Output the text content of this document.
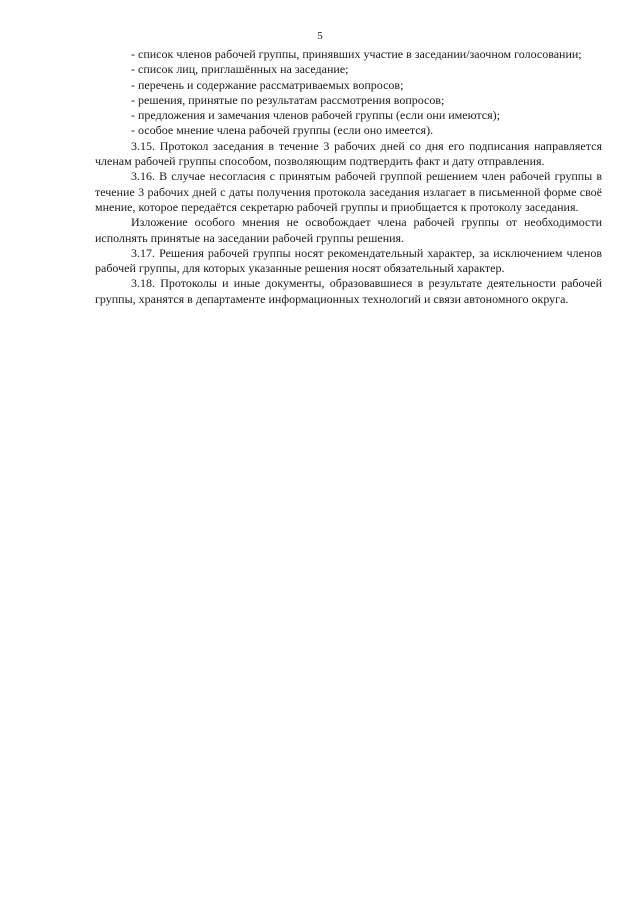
5

- список членов рабочей группы, принявших участие в заседании/заочном голосовании;

- список лиц, приглашённых на заседание;

- перечень и содержание рассматриваемых вопросов;

- решения, принятые по результатам рассмотрения вопросов;

- предложения и замечания членов рабочей группы (если они имеются);

- особое мнение члена рабочей группы (если оно имеется).

3.15. Протокол заседания в течение 3 рабочих дней со дня его подписания направляется членам рабочей группы способом, позволяющим подтвердить факт и дату отправления.

3.16. В случае несогласия с принятым рабочей группой решением член рабочей группы в течение 3 рабочих дней с даты получения протокола заседания излагает в письменной форме своё мнение, которое передаётся секретарю рабочей группы и приобщается к протоколу заседания.

Изложение особого мнения не освобождает члена рабочей группы от необходимости исполнять принятые на заседании рабочей группы решения.

3.17. Решения рабочей группы носят рекомендательный характер, за исключением членов рабочей группы, для которых указанные решения носят обязательный характер.

3.18. Протоколы и иные документы, образовавшиеся в результате деятельности рабочей группы, хранятся в департаменте информационных технологий и связи автономного округа.
